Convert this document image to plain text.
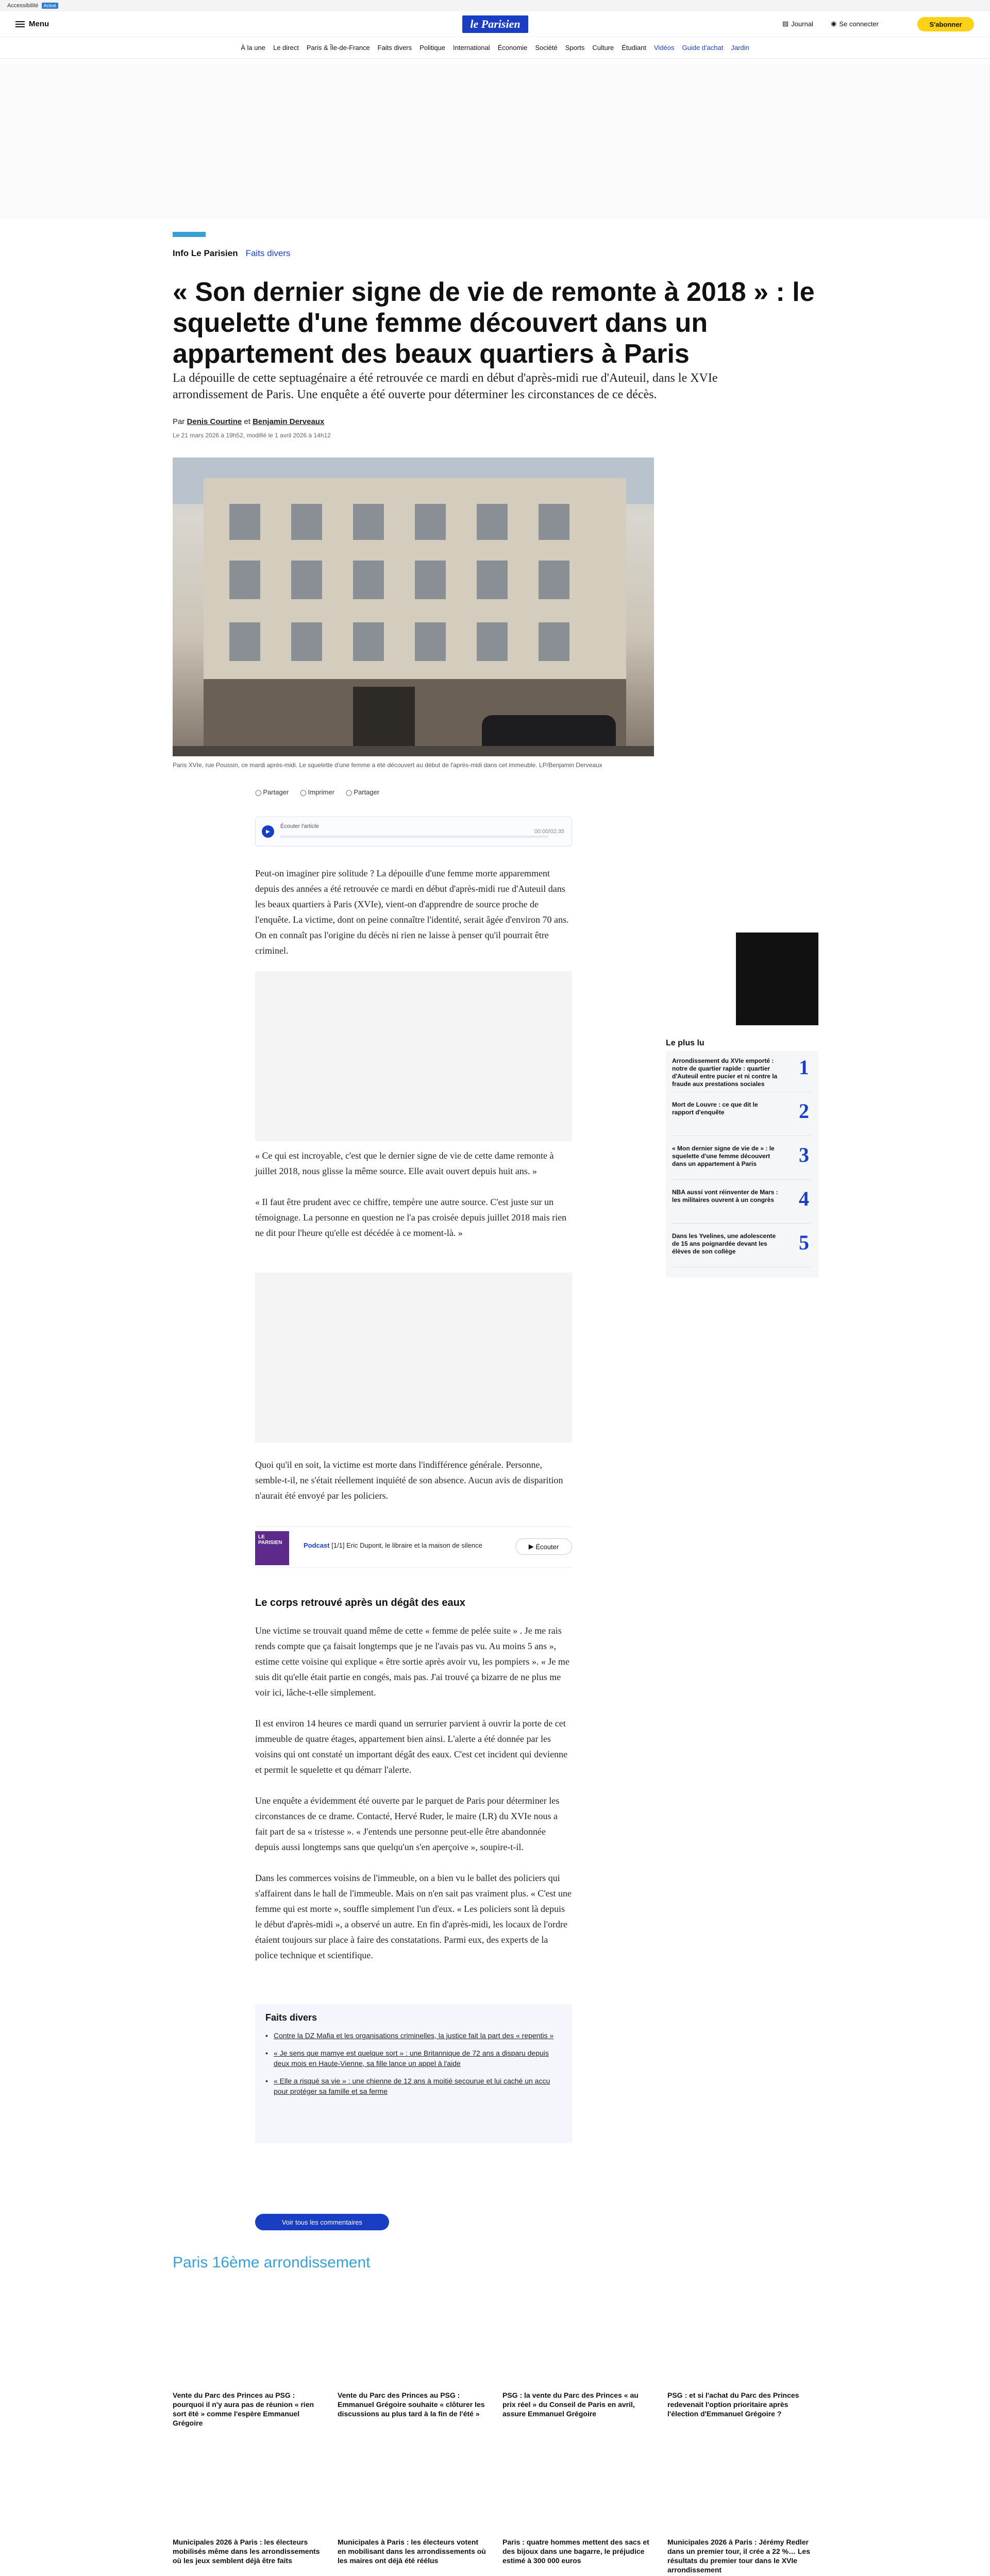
Accessibilité	Activé
Menu	le Parisien	▤ Journal	◉ Se connecter	S'abonner
À la une Le direct Paris & Île-de-France Faits divers Politique International Économie Société Sports Culture Étudiant Vidéos Guide d'achat Jardin
Info Le Parisien Faits divers
« Son dernier signe de vie de remonte à 2018 » : le squelette d'une femme découvert dans un appartement des beaux quartiers à Paris

La dépouille de cette septuagénaire a été retrouvée ce mardi en début d'après-midi rue d'Auteuil, dans le XVIe arrondissement de Paris. Une enquête a été ouverte pour déterminer les circonstances de ce décès.

Par Denis Courtine et Benjamin Derveaux
Le 21 mars 2026 à 19h52, modifié le 1 avril 2026 à 14h12
Paris XVIe, rue Poussin, ce mardi après-midi. Le squelette d'une femme a été découvert au début de l'après-midi dans cet immeuble. LP/Benjamin Derveaux
◯ Partager	◯ Imprimer	◯ Partager
▶
Écouter l'article
00:00/02:35

Peut-on imaginer pire solitude ? La dépouille d'une femme morte apparemment depuis des années a été retrouvée ce mardi en début d'après-midi rue d'Auteuil dans les beaux quartiers à Paris (XVIe), vient-on d'apprendre de source proche de l'enquête. La victime, dont on peine connaître l'identité, serait âgée d'environ 70 ans. On en connaît pas l'origine du décès ni rien ne laisse à penser qu'il pourrait être criminel.

« Ce qui est incroyable, c'est que le dernier signe de vie de cette dame remonte à juillet 2018, nous glisse la même source. Elle avait ouvert depuis huit ans. »

« Il faut être prudent avec ce chiffre, tempère une autre source. C'est juste sur un témoignage. La personne en question ne l'a pas croisée depuis juillet 2018 mais rien ne dit pour l'heure qu'elle est décédée à ce moment-là. »

Quoi qu'il en soit, la victime est morte dans l'indifférence générale. Personne, semble-t-il, ne s'était réellement inquiété de son absence. Aucun avis de disparition n'aurait été envoyé par les policiers.

LE PARISIEN	Podcast [1/1] Eric Dupont, le libraire et la maison de silence	▶ Écouter
Le corps retrouvé après un dégât des eaux

Une victime se trouvait quand même de cette « femme de pelée suite » . Je me rais rends compte que ça faisait longtemps que je ne l'avais pas vu. Au moins 5 ans », estime cette voisine qui explique « être sortie après avoir vu, les pompiers ». « Je me suis dit qu'elle était partie en congés, mais pas. J'ai trouvé ça bizarre de ne plus me voir ici, lâche-t-elle simplement.

Il est environ 14 heures ce mardi quand un serrurier parvient à ouvrir la porte de cet immeuble de quatre étages, appartement bien ainsi. L'alerte a été donnée par les voisins qui ont constaté un important dégât des eaux. C'est cet incident qui devienne et permit le squelette et qu démarr l'alerte.

Une enquête a évidemment été ouverte par le parquet de Paris pour déterminer les circonstances de ce drame. Contacté, Hervé Ruder, le maire (LR) du XVIe nous a fait part de sa « tristesse ». « J'entends une personne peut-elle être abandonnée depuis aussi longtemps sans que quelqu'un s'en aperçoive », soupire-t-il.

Dans les commerces voisins de l'immeuble, on a bien vu le ballet des policiers qui s'affairent dans le hall de l'immeuble. Mais on n'en sait pas vraiment plus. « C'est une femme qui est morte », souffle simplement l'un d'eux. « Les policiers sont là depuis le début d'après-midi », a observé un autre. En fin d'après-midi, les locaux de l'ordre étaient toujours sur place à faire des constatations. Parmi eux, des experts de la police technique et scientifique.

Faits divers
• Contre la DZ Mafia et les organisations criminelles, la justice fait la part des « repentis »
• « Je sens que mamye est quelque sort » : une Britannique de 72 ans a disparu depuis deux mois en Haute-Vienne, sa fille lance un appel à l'aide
• « Elle a risqué sa vie » : une chienne de 12 ans à moitié secourue et lui caché un accu pour protéger sa famille et sa ferme
Voir tous les commentaires
Le plus lu
Arrondissement du XVIe emporté : notre de quartier rapide : quartier d'Auteuil entre pucier et ni contre la fraude aux prestations sociales
1
Mort de Louvre : ce que dit le rapport d'enquête	2
« Mon dernier signe de vie de » : le squelette d'une femme découvert dans un appartement à Paris	3
NBA aussi vont réinventer de Mars : les militaires ouvrent à un congrès 4
Dans les Yvelines, une adolescente de 15 ans poignardée devant les élèves de son collège	5
Paris 16ème arrondissement
Vente du Parc des Princes au PSG : pourquoi il n'y aura pas de réunion « rien sort ëté » comme l'espère Emmanuel Grégoire
Vente du Parc des Princes au PSG : Emmanuel Grégoire souhaite « clôturer les discussions au plus tard à la fin de l'été »
PSG : la vente du Parc des Princes « au prix réel » du Conseil de Paris en avril, assure Emmanuel Grégoire
PSG : et si l'achat du Parc des Princes redevenait l'option prioritaire après l'élection d'Emmanuel Grégoire ?
Municipales 2026 à Paris : les électeurs mobilisés même dans les arrondissements où les jeux semblent déjà être faits
Municipales à Paris : les électeurs votent en mobilisant dans les arrondissements où les maires ont déjà été réélus
Paris : quatre hommes mettent des sacs et des bijoux dans une bagarre, le préjudice estimé à 300 000 euros
Municipales 2026 à Paris : Jérémy Redler dans un premier tour, il crée a 22 %… Les résultats du premier tour dans le XVIe arrondissement
